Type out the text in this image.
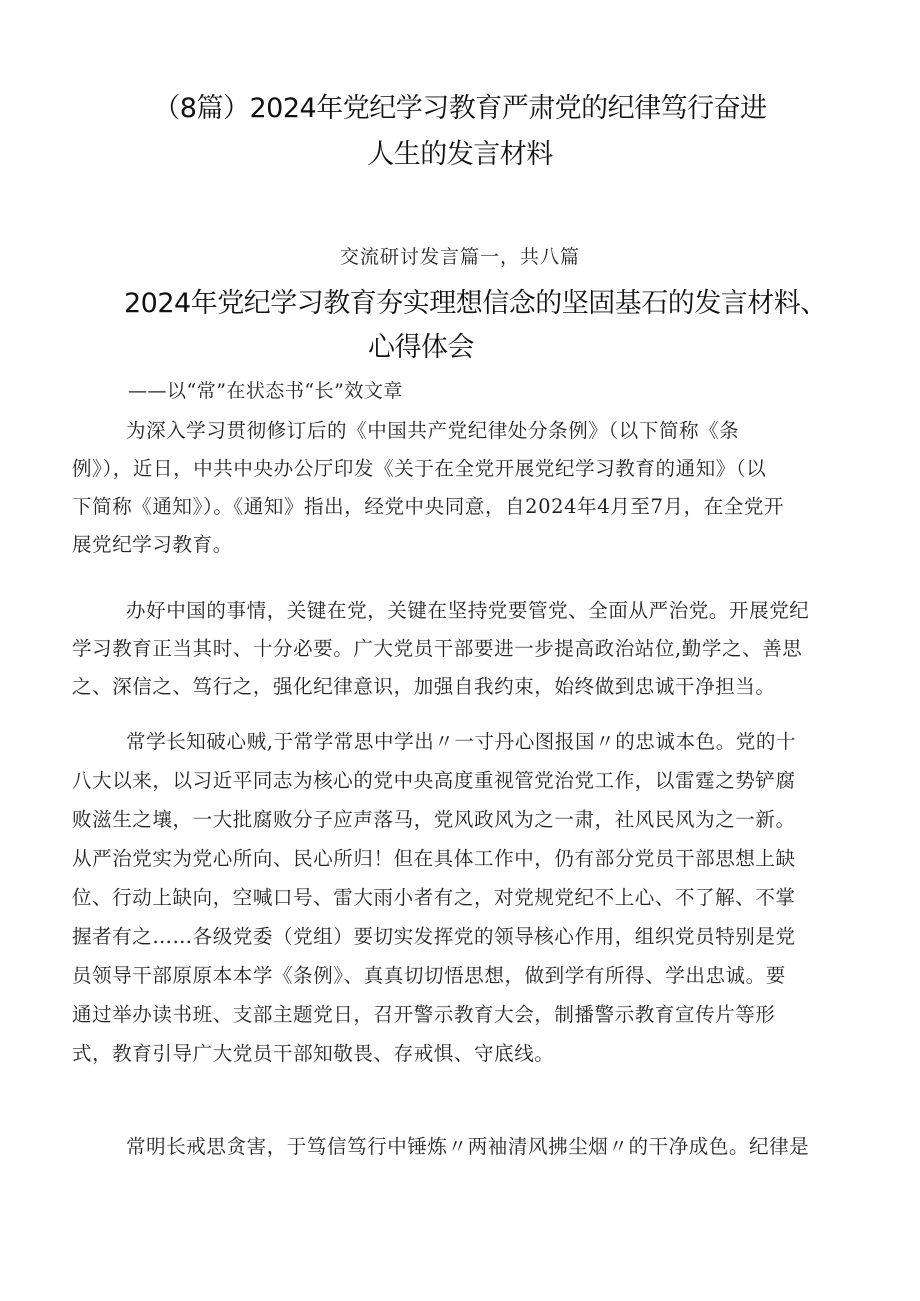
（8篇）2024年党纪学习教育严肃党的纪律笃行奋进
人生的发言材料
交流研讨发言篇一，共八篇
2024年党纪学习教育夯实理想信念的坚固基石的发言材料、
心得体会
——以“常”在状态书“长”效文章
为深入学习贯彻修订后的《中国共产党纪律处分条例》（以下简称《条
例》），近日，中共中央办公厅印发《关于在全党开展党纪学习教育的通知》（以
下简称《通知》）。《通知》指出，经党中央同意，自2024年4月至7月，在全党开
展党纪学习教育。
办好中国的事情，关键在党，关键在坚持党要管党、全面从严治党。开展党纪
学习教育正当其时、十分必要。广大党员干部要进一步提高政治站位,勤学之、善思
之、深信之、笃行之，强化纪律意识，加强自我约束，始终做到忠诚干净担当。
常学长知破心贼,于常学常思中学出〃一寸丹心图报国〃的忠诚本色。党的十
八大以来，以习近平同志为核心的党中央高度重视管党治党工作，以雷霆之势铲腐
败滋生之壤，一大批腐败分子应声落马，党风政风为之一肃，社风民风为之一新。
从严治党实为党心所向、民心所归！但在具体工作中，仍有部分党员干部思想上缺
位、行动上缺向，空喊口号、雷大雨小者有之，对党规党纪不上心、不了解、不掌
握者有之……各级党委（党组）要切实发挥党的领导核心作用，组织党员特别是党
员领导干部原原本本学《条例》、真真切切悟思想，做到学有所得、学出忠诚。要
通过举办读书班、支部主题党日，召开警示教育大会，制播警示教育宣传片等形
式，教育引导广大党员干部知敬畏、存戒惧、守底线。
常明长戒思贪害，于笃信笃行中锤炼〃两袖清风拂尘烟〃的干净成色。纪律是
